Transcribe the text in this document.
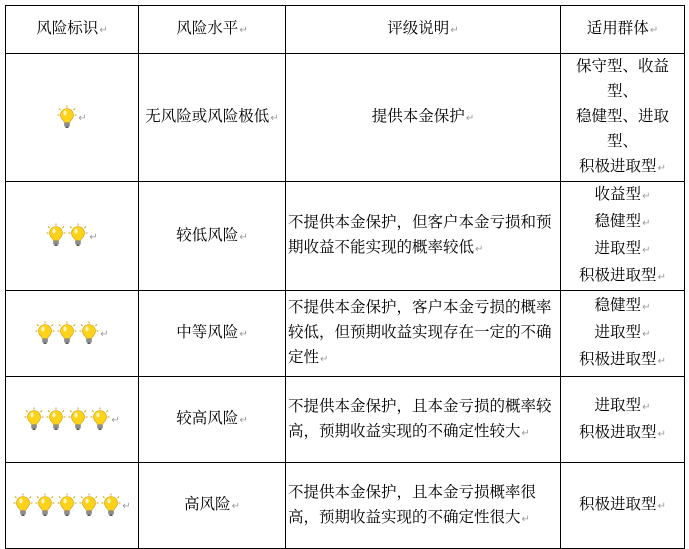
风险标识↵	风险水平↵	评级说明↵	适用群体↵

↵	无风险或风险极低↵	提供本金保护↵	保守型、收益型、
稳健型、进取型、
积极进取型↵

↵	较低风险↵	不提供本金保护，但客户本金亏损和预期收益不能实现的概率较低↵	收益型↵
稳健型↵
进取型↵
积极进取型↵

↵	中等风险↵	不提供本金保护，客户本金亏损的概率较低，但预期收益实现存在一定的不确定性↵	稳健型↵
进取型↵
积极进取型↵

↵	较高风险↵	不提供本金保护，且本金亏损的概率较高，预期收益实现的不确定性较大↵	进取型↵
积极进取型↵

↵	高风险↵	不提供本金保护，且本金亏损概率很高，预期收益实现的不确定性很大↵	积极进取型↵
